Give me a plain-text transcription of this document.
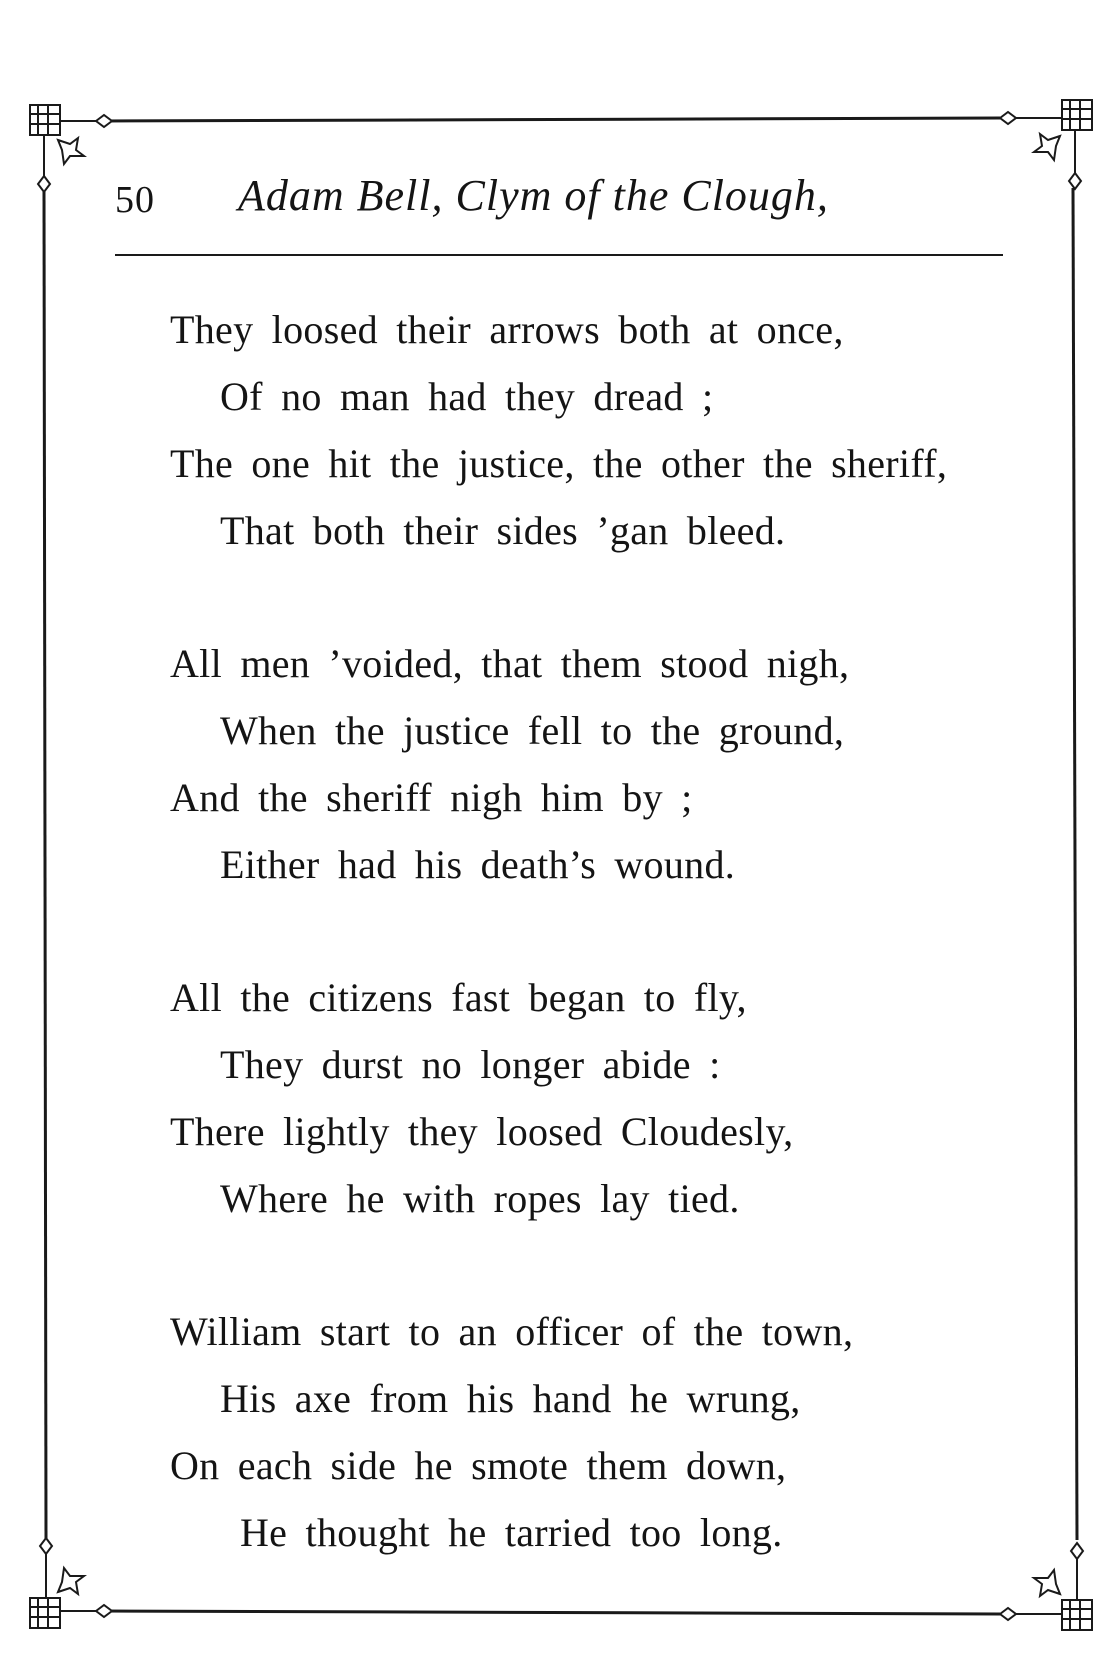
50 Adam Bell, Clym of the Clough,
They loosed their arrows both at once,
Of no man had they dread ;
The one hit the justice, the other the sheriff,
That both their sides ’gan bleed.
All men ’voided, that them stood nigh,
When the justice fell to the ground,
And the sheriff nigh him by ;
Either had his death’s wound.
All the citizens fast began to fly,
They durst no longer abide :
There lightly they loosed Cloudesly,
Where he with ropes lay tied.
William start to an officer of the town,
His axe from his hand he wrung,
On each side he smote them down,
He thought he tarried too long.
